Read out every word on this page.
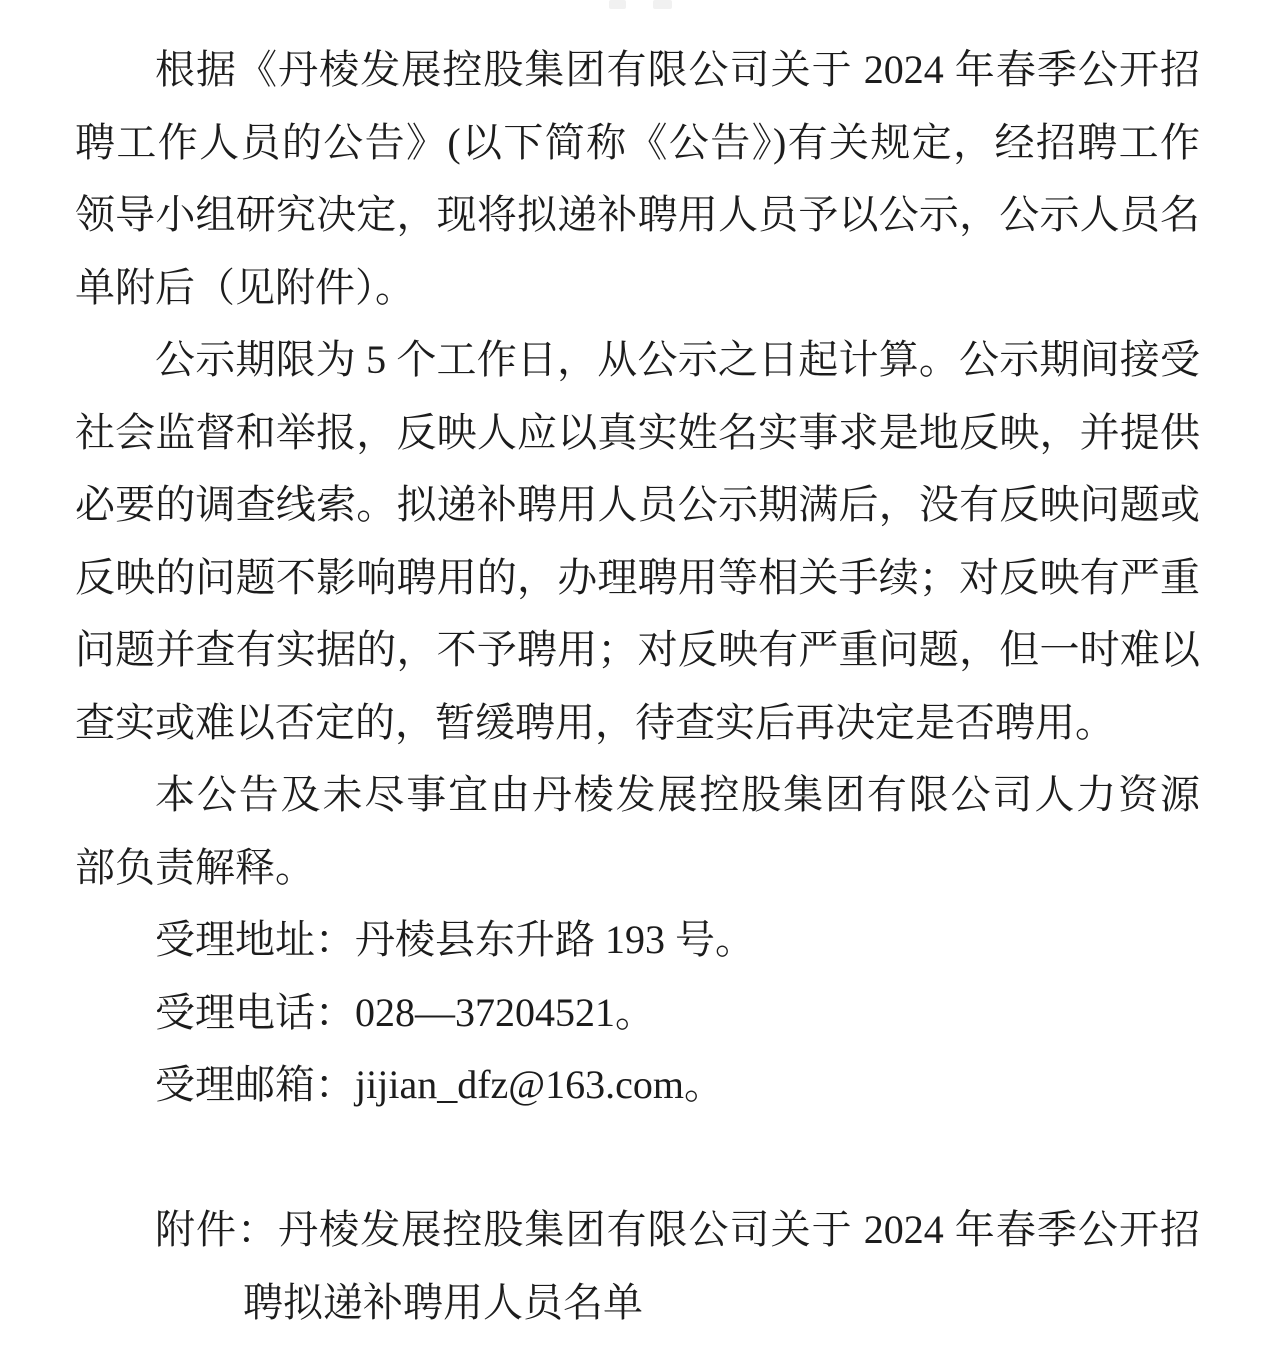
根据《丹棱发展控股集团有限公司关于 2024 年春季公开招
聘工作人员的公告》(以下简称《公告》)有关规定，经招聘工作
领导小组研究决定，现将拟递补聘用人员予以公示，公示人员名
单附后（见附件）。
公示期限为 5 个工作日，从公示之日起计算。公示期间接受
社会监督和举报，反映人应以真实姓名实事求是地反映，并提供
必要的调查线索。拟递补聘用人员公示期满后，没有反映问题或
反映的问题不影响聘用的，办理聘用等相关手续；对反映有严重
问题并查有实据的，不予聘用；对反映有严重问题，但一时难以
查实或难以否定的，暂缓聘用，待查实后再决定是否聘用。
本公告及未尽事宜由丹棱发展控股集团有限公司人力资源
部负责解释。
受理地址：丹棱县东升路 193 号。
受理电话：028—37204521。
受理邮箱：jijian_dfz@163.com。
附件：丹棱发展控股集团有限公司关于 2024 年春季公开招
聘拟递补聘用人员名单
